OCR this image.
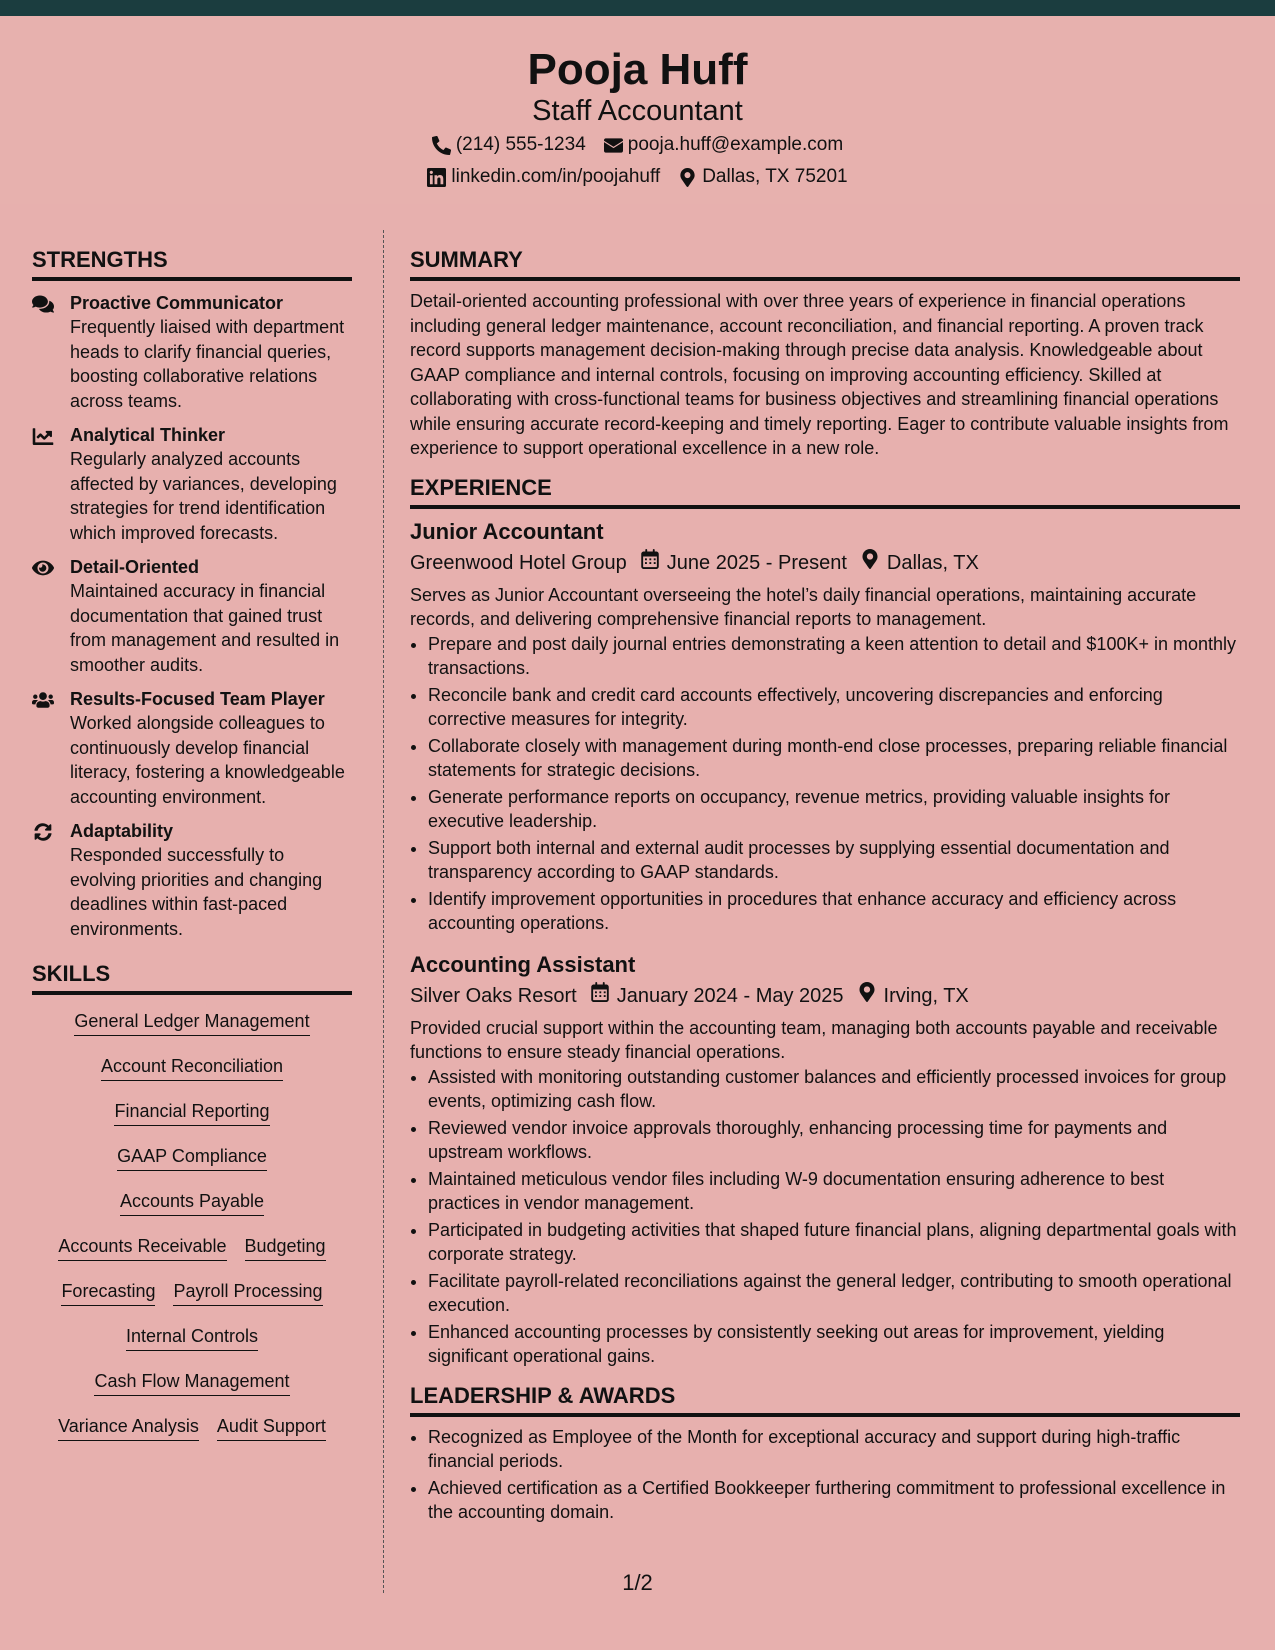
Pooja Huff
Staff Accountant
(214) 555-1234 pooja.huff@example.com
linkedin.com/in/poojahuff Dallas, TX 75201
STRENGTHS
Proactive Communicator

Frequently liaised with department heads to clarify financial queries, boosting collaborative relations across teams.

Analytical Thinker

Regularly analyzed accounts affected by variances, developing strategies for trend identification which improved forecasts.

Detail-Oriented

Maintained accuracy in financial documentation that gained trust from management and resulted in smoother audits.

Results-Focused Team Player

Worked alongside colleagues to continuously develop financial literacy, fostering a knowledgeable accounting environment.

Adaptability

Responded successfully to evolving priorities and changing deadlines within fast-paced environments.

SKILLS
General Ledger Management
Account Reconciliation
Financial Reporting
GAAP Compliance
Accounts Payable
Accounts Receivable Budgeting
Forecasting Payroll Processing
Internal Controls
Cash Flow Management
Variance Analysis Audit Support
SUMMARY

Detail-oriented accounting professional with over three years of experience in financial operations including general ledger maintenance, account reconciliation, and financial reporting. A proven track record supports management decision-making through precise data analysis. Knowledgeable about GAAP compliance and internal controls, focusing on improving accounting efficiency. Skilled at collaborating with cross-functional teams for business objectives and streamlining financial operations while ensuring accurate record-keeping and timely reporting. Eager to contribute valuable insights from experience to support operational excellence in a new role.

EXPERIENCE
Junior Accountant
Greenwood Hotel Group June 2025 - Present Dallas, TX
Serves as Junior Accountant overseeing the hotel’s daily financial operations, maintaining accurate records, and delivering comprehensive financial reports to management.
• Prepare and post daily journal entries demonstrating a keen attention to detail and $100K+ in monthly transactions.
• Reconcile bank and credit card accounts effectively, uncovering discrepancies and enforcing corrective measures for integrity.
• Collaborate closely with management during month-end close processes, preparing reliable financial statements for strategic decisions.
• Generate performance reports on occupancy, revenue metrics, providing valuable insights for executive leadership.
• Support both internal and external audit processes by supplying essential documentation and transparency according to GAAP standards.
• Identify improvement opportunities in procedures that enhance accuracy and efficiency across accounting operations.
Accounting Assistant
Silver Oaks Resort January 2024 - May 2025 Irving, TX
Provided crucial support within the accounting team, managing both accounts payable and receivable functions to ensure steady financial operations.
• Assisted with monitoring outstanding customer balances and efficiently processed invoices for group events, optimizing cash flow.
• Reviewed vendor invoice approvals thoroughly, enhancing processing time for payments and upstream workflows.
• Maintained meticulous vendor files including W-9 documentation ensuring adherence to best practices in vendor management.
• Participated in budgeting activities that shaped future financial plans, aligning departmental goals with corporate strategy.
• Facilitate payroll-related reconciliations against the general ledger, contributing to smooth operational execution.
• Enhanced accounting processes by consistently seeking out areas for improvement, yielding significant operational gains.
LEADERSHIP & AWARDS
• Recognized as Employee of the Month for exceptional accuracy and support during high-traffic financial periods.
• Achieved certification as a Certified Bookkeeper furthering commitment to professional excellence in the accounting domain.
1/2
